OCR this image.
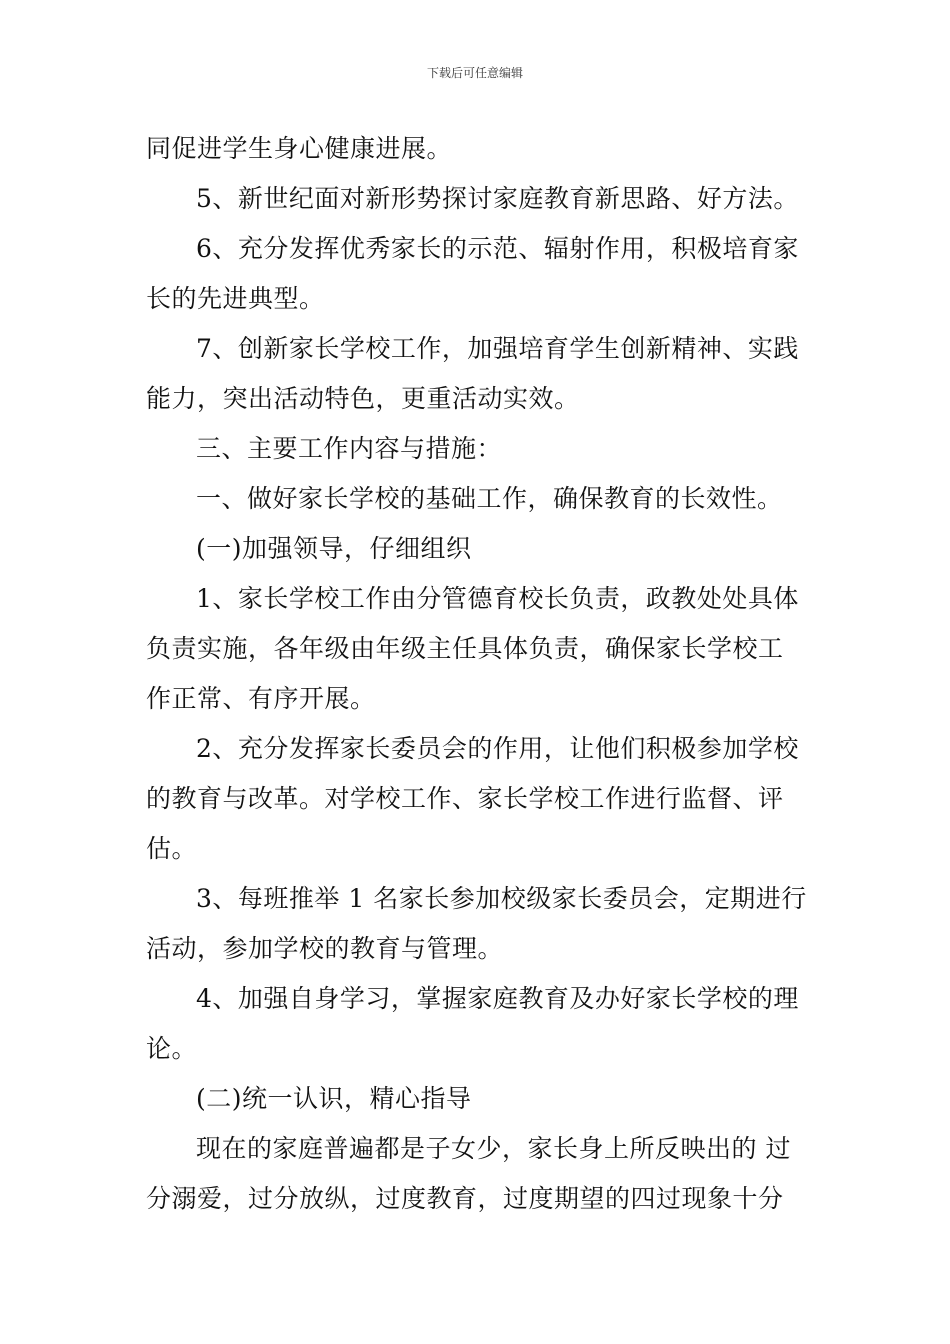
下载后可任意编辑
同促进学生身心健康进展。
5、新世纪面对新形势探讨家庭教育新思路、好方法。
6、充分发挥优秀家长的示范、辐射作用，积极培育家
长的先进典型。
7、创新家长学校工作，加强培育学生创新精神、实践
能力，突出活动特色，更重活动实效。
三、主要工作内容与措施：
一、做好家长学校的基础工作，确保教育的长效性。
(一)加强领导，仔细组织
1、家长学校工作由分管德育校长负责，政教处处具体
负责实施，各年级由年级主任具体负责，确保家长学校工
作正常、有序开展。
2、充分发挥家长委员会的作用，让他们积极参加学校
的教育与改革。对学校工作、家长学校工作进行监督、评
估。
3、每班推举 1 名家长参加校级家长委员会，定期进行
活动，参加学校的教育与管理。
4、加强自身学习，掌握家庭教育及办好家长学校的理
论。
(二)统一认识，精心指导
现在的家庭普遍都是子女少，家长身上所反映出的 过
分溺爱，过分放纵，过度教育，过度期望的四过现象十分
